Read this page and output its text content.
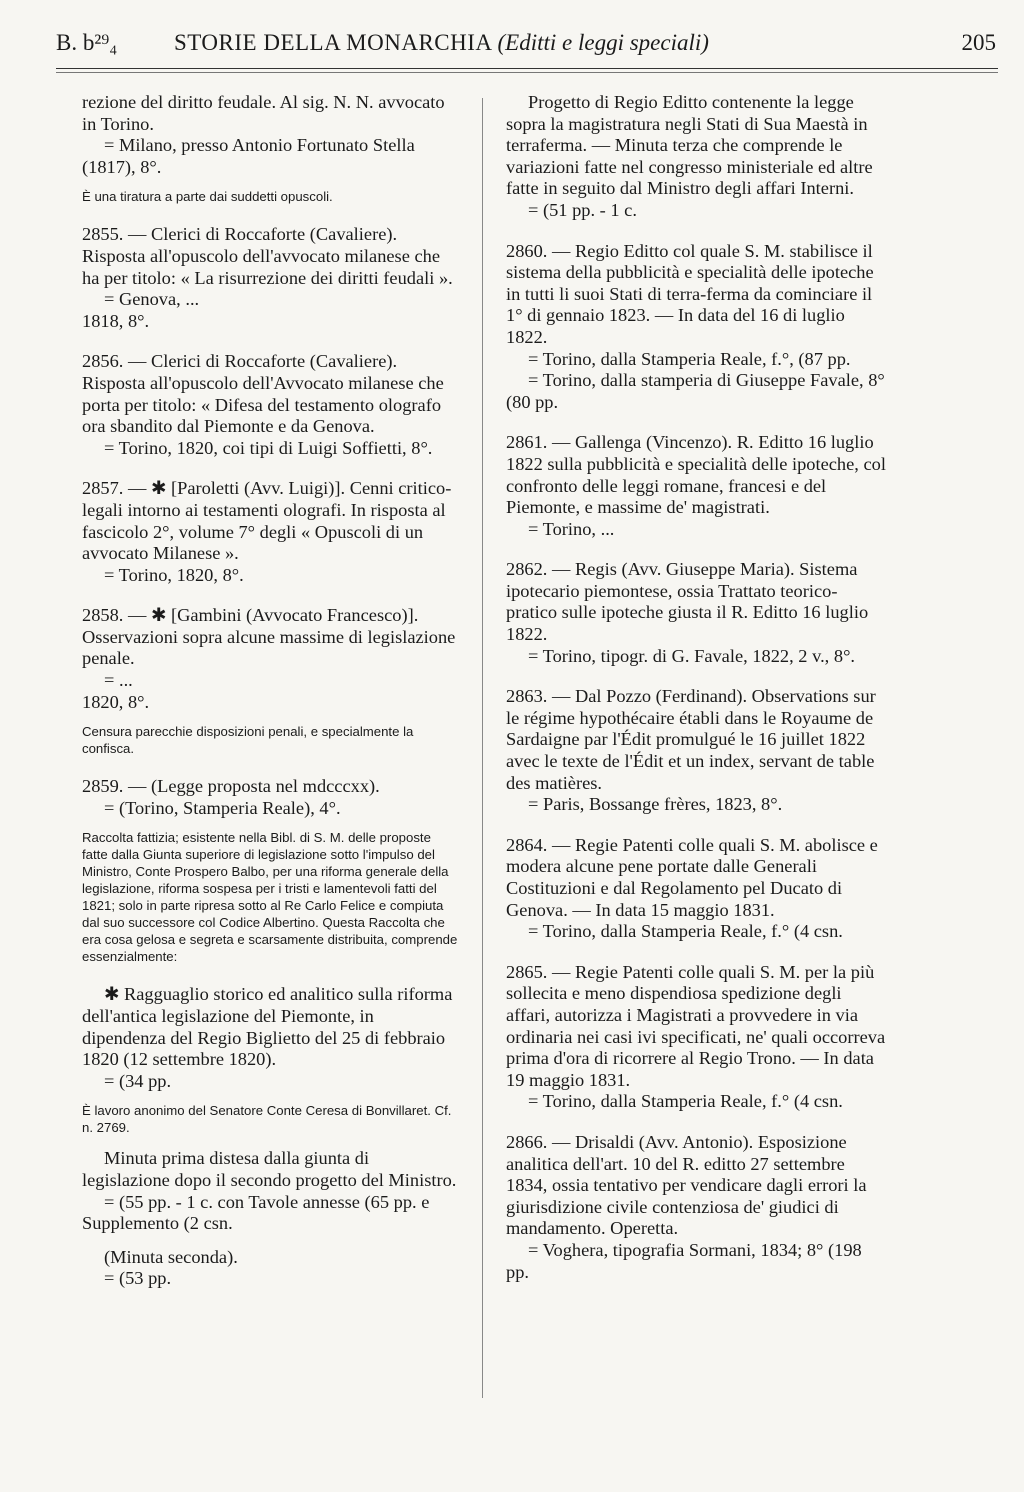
B. b²⁹₄ STORIE DELLA MONARCHIA (Editti e leggi speciali)	205

rezione del diritto feudale. Al sig. N. N. avvocato in Torino.

= Milano, presso Antonio Fortunato Stella (1817), 8°.

È una tiratura a parte dai suddetti opuscoli.

2855. — Clerici di Roccaforte (Cavaliere). Risposta all'opuscolo dell'avvocato milanese che ha per titolo: « La risurrezione dei diritti feudali ».

= Genova, ...

1818, 8°.

2856. — Clerici di Roccaforte (Cavaliere). Risposta all'opuscolo dell'Avvocato milanese che porta per titolo: « Difesa del testamento olografo ora sbandito dal Piemonte e da Genova.

= Torino, 1820, coi tipi di Luigi Soffietti, 8°.

2857. — ✱ [Paroletti (Avv. Luigi)]. Cenni critico-legali intorno ai testamenti olografi. In risposta al fascicolo 2°, volume 7° degli « Opuscoli di un avvocato Milanese ».

= Torino, 1820, 8°.

2858. — ✱ [Gambini (Avvocato Francesco)]. Osservazioni sopra alcune massime di legislazione penale.

= ...

1820, 8°.

Censura parecchie disposizioni penali, e specialmente la confisca.

2859. — (Legge proposta nel mdcccxx).

= (Torino, Stamperia Reale), 4°.

Raccolta fattizia; esistente nella Bibl. di S. M. delle proposte fatte dalla Giunta superiore di legislazione sotto l'impulso del Ministro, Conte Prospero Balbo, per una riforma generale della legislazione, riforma sospesa per i tristi e lamentevoli fatti del 1821; solo in parte ripresa sotto al Re Carlo Felice e compiuta dal suo successore col Codice Albertino. Questa Raccolta che era cosa gelosa e segreta e scarsamente distribuita, comprende essenzialmente:

✱ Ragguaglio storico ed analitico sulla riforma dell'antica legislazione del Piemonte, in dipendenza del Regio Biglietto del 25 di febbraio 1820 (12 settembre 1820).

= (34 pp.

È lavoro anonimo del Senatore Conte Ceresa di Bonvillaret. Cf. n. 2769.

Minuta prima distesa dalla giunta di legislazione dopo il secondo progetto del Ministro.

= (55 pp. - 1 c. con Tavole annesse (65 pp. e Supplemento (2 csn.

(Minuta seconda).

= (53 pp.

Progetto di Regio Editto contenente la legge sopra la magistratura negli Stati di Sua Maestà in terraferma. — Minuta terza che comprende le variazioni fatte nel congresso ministeriale ed altre fatte in seguito dal Ministro degli affari Interni.

= (51 pp. - 1 c.

2860. — Regio Editto col quale S. M. stabilisce il sistema della pubblicità e specialità delle ipoteche in tutti li suoi Stati di terra-ferma da cominciare il 1° di gennaio 1823. — In data del 16 di luglio 1822.

= Torino, dalla Stamperia Reale, f.°, (87 pp.

= Torino, dalla stamperia di Giuseppe Favale, 8° (80 pp.

2861. — Gallenga (Vincenzo). R. Editto 16 luglio 1822 sulla pubblicità e specialità delle ipoteche, col confronto delle leggi romane, francesi e del Piemonte, e massime de' magistrati.

= Torino, ...

2862. — Regis (Avv. Giuseppe Maria). Sistema ipotecario piemontese, ossia Trattato teorico-pratico sulle ipoteche giusta il R. Editto 16 luglio 1822.

= Torino, tipogr. di G. Favale, 1822, 2 v., 8°.

2863. — Dal Pozzo (Ferdinand). Observations sur le régime hypothécaire établi dans le Royaume de Sardaigne par l'Édit promulgué le 16 juillet 1822 avec le texte de l'Édit et un index, servant de table des matières.

= Paris, Bossange frères, 1823, 8°.

2864. — Regie Patenti colle quali S. M. abolisce e modera alcune pene portate dalle Generali Costituzioni e dal Regolamento pel Ducato di Genova. — In data 15 maggio 1831.

= Torino, dalla Stamperia Reale, f.° (4 csn.

2865. — Regie Patenti colle quali S. M. per la più sollecita e meno dispendiosa spedizione degli affari, autorizza i Magistrati a provvedere in via ordinaria nei casi ivi specificati, ne' quali occorreva prima d'ora di ricorrere al Regio Trono. — In data 19 maggio 1831.

= Torino, dalla Stamperia Reale, f.° (4 csn.

2866. — Drisaldi (Avv. Antonio). Esposizione analitica dell'art. 10 del R. editto 27 settembre 1834, ossia tentativo per vendicare dagli errori la giurisdizione civile contenziosa de' giudici di mandamento. Operetta.

= Voghera, tipografia Sormani, 1834; 8° (198 pp.
